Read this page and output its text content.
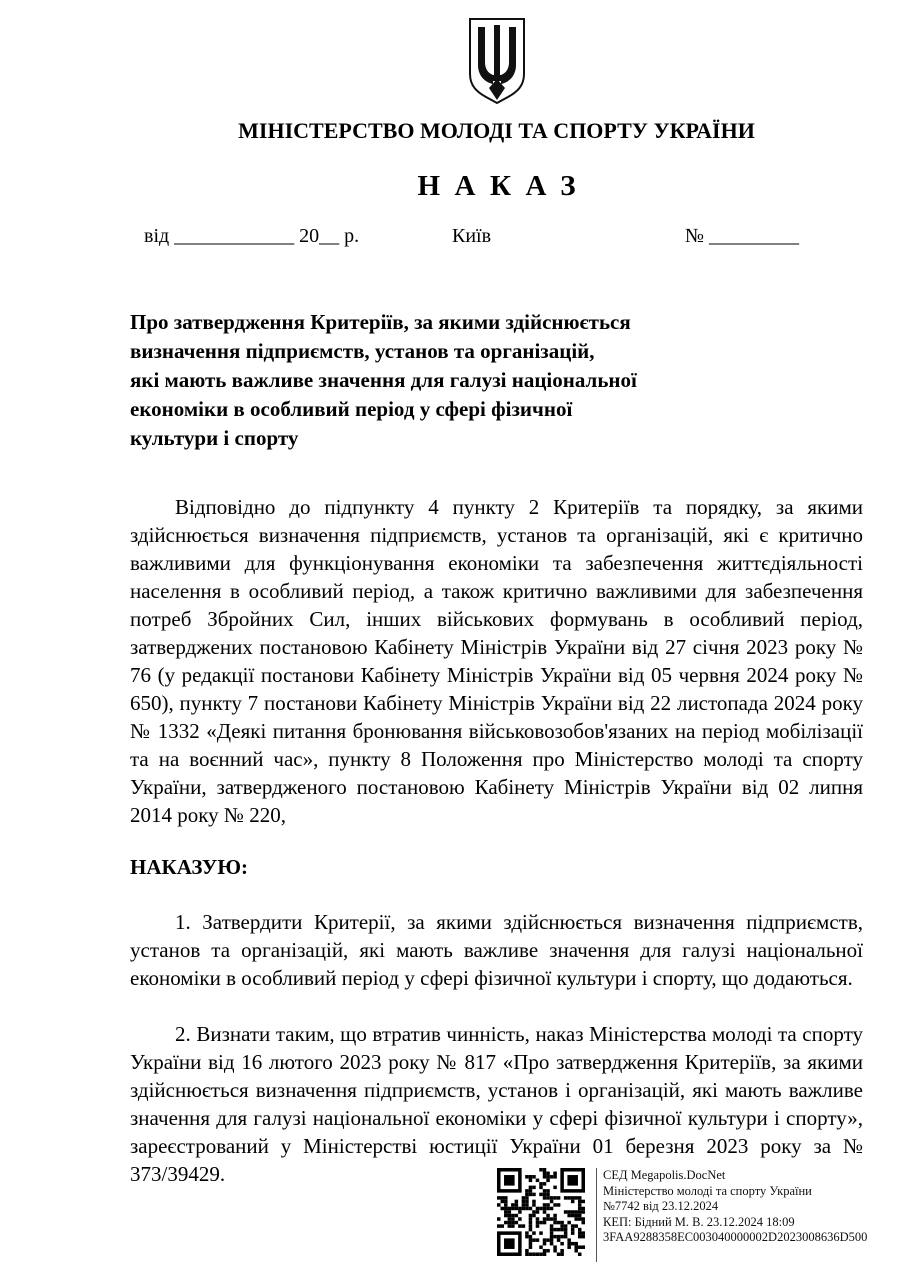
МІНІСТЕРСТВО МОЛОДІ ТА СПОРТУ УКРАЇНИ
НАКАЗ
від ____________ 20__ р.	Київ	№ _________
Про затвердження Критеріїв, за якими здійснюється
визначення підприємств, установ та організацій,
які мають важливе значення для галузі національної
економіки в особливий період у сфері фізичної
культури і спорту

Відповідно до підпункту 4 пункту 2 Критеріїв та порядку, за якими здійснюється визначення підприємств, установ та організацій, які є критично важливими для функціонування економіки та забезпечення життєдіяльності населення в особливий період, а також критично важливими для забезпечення потреб Збройних Сил, інших військових формувань в особливий період, затверджених постановою Кабінету Міністрів України від 27 січня 2023 року № 76 (у редакції постанови Кабінету Міністрів України від 05 червня 2024 року № 650), пункту 7 постанови Кабінету Міністрів України від 22 листопада 2024 року № 1332 «Деякі питання бронювання військовозобов'язаних на період мобілізації та на воєнний час», пункту 8 Положення про Міністерство молоді та спорту України, затвердженого постановою Кабінету Міністрів України від 02 липня 2014 року № 220,

НАКАЗУЮ:

1. Затвердити Критерії, за якими здійснюється визначення підприємств, установ та організацій, які мають важливе значення для галузі національної економіки в особливий період у сфері фізичної культури і спорту, що додаються.

2. Визнати таким, що втратив чинність, наказ Міністерства молоді та спорту України від 16 лютого 2023 року № 817 «Про затвердження Критеріїв, за якими здійснюється визначення підприємств, установ і організацій, які мають важливе значення для галузі національної економіки у сфері фізичної культури і спорту», зареєстрований у Міністерстві юстиції України 01 березня 2023 року за № 373/39429.	СЕД Megapolis.DocNet
Міністерство молоді та спорту України
№7742 від 23.12.2024
КЕП: Бідний М. В. 23.12.2024 18:09
3FAA9288358EC003040000002D2023008636D500
